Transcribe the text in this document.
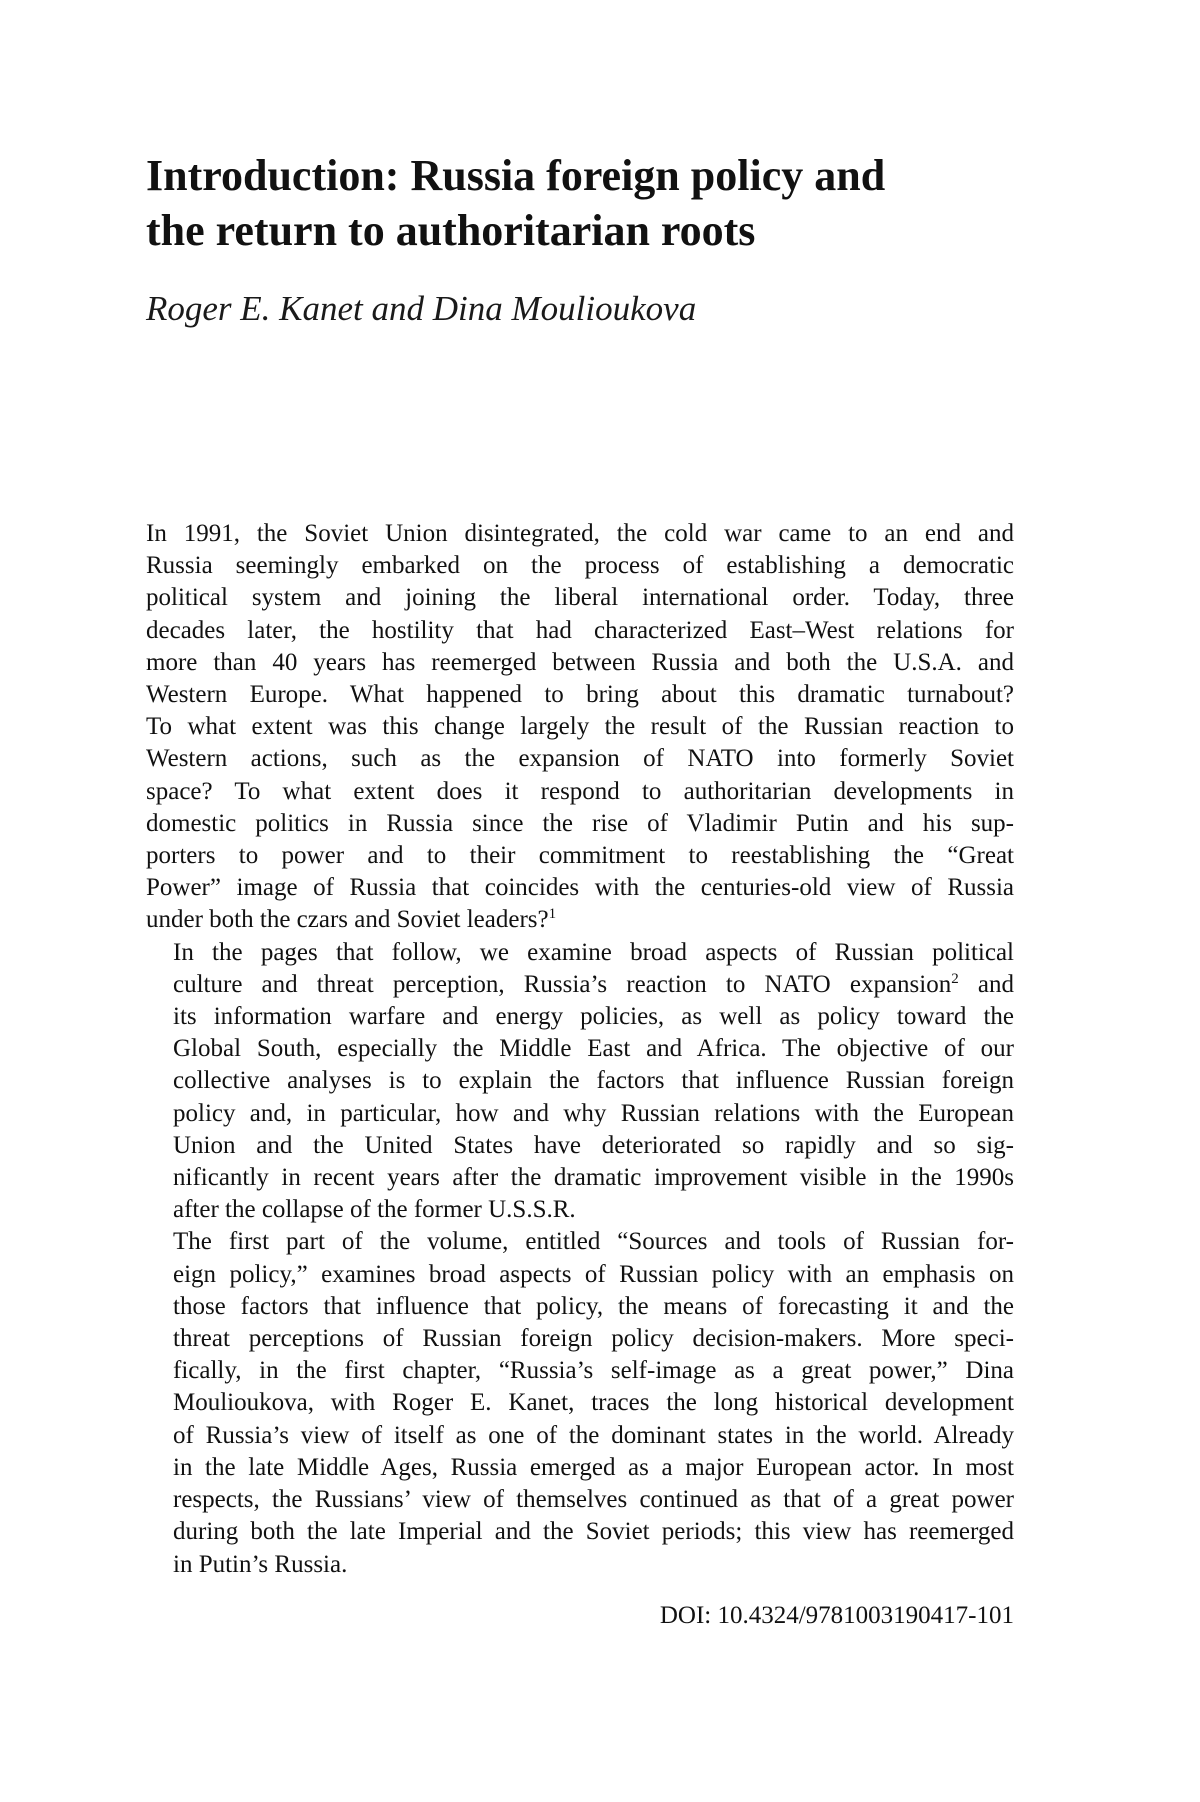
Introduction: Russia foreign policy and
the return to authoritarian roots
Roger E. Kanet and Dina Moulioukova

In 1991, the Soviet Union disintegrated, the cold war came to an end and
Russia seemingly embarked on the process of establishing a democratic
political system and joining the liberal international order. Today, three
decades later, the hostility that had characterized East–West relations for
more than 40 years has reemerged between Russia and both the U.S.A. and
Western Europe. What happened to bring about this dramatic turnabout?
To what extent was this change largely the result of the Russian reaction to
Western actions, such as the expansion of NATO into formerly Soviet
space? To what extent does it respond to authoritarian developments in
domestic politics in Russia since the rise of Vladimir Putin and his sup-
porters to power and to their commitment to reestablishing the “Great
Power” image of Russia that coincides with the centuries-old view of Russia
under both the czars and Soviet leaders?$^1$

In the pages that follow, we examine broad aspects of Russian political
culture and threat perception, Russia’s reaction to NATO expansion$^2$ and
its information warfare and energy policies, as well as policy toward the
Global South, especially the Middle East and Africa. The objective of our
collective analyses is to explain the factors that influence Russian foreign
policy and, in particular, how and why Russian relations with the European
Union and the United States have deteriorated so rapidly and so sig-
nificantly in recent years after the dramatic improvement visible in the 1990s
after the collapse of the former U.S.S.R.

The first part of the volume, entitled “Sources and tools of Russian for-
eign policy,” examines broad aspects of Russian policy with an emphasis on
those factors that influence that policy, the means of forecasting it and the
threat perceptions of Russian foreign policy decision-makers. More speci-
fically, in the first chapter, “Russia’s self-image as a great power,” Dina
Moulioukova, with Roger E. Kanet, traces the long historical development
of Russia’s view of itself as one of the dominant states in the world. Already
in the late Middle Ages, Russia emerged as a major European actor. In most
respects, the Russians’ view of themselves continued as that of a great power
during both the late Imperial and the Soviet periods; this view has reemerged
in Putin’s Russia.

DOI: 10.4324/9781003190417-101
